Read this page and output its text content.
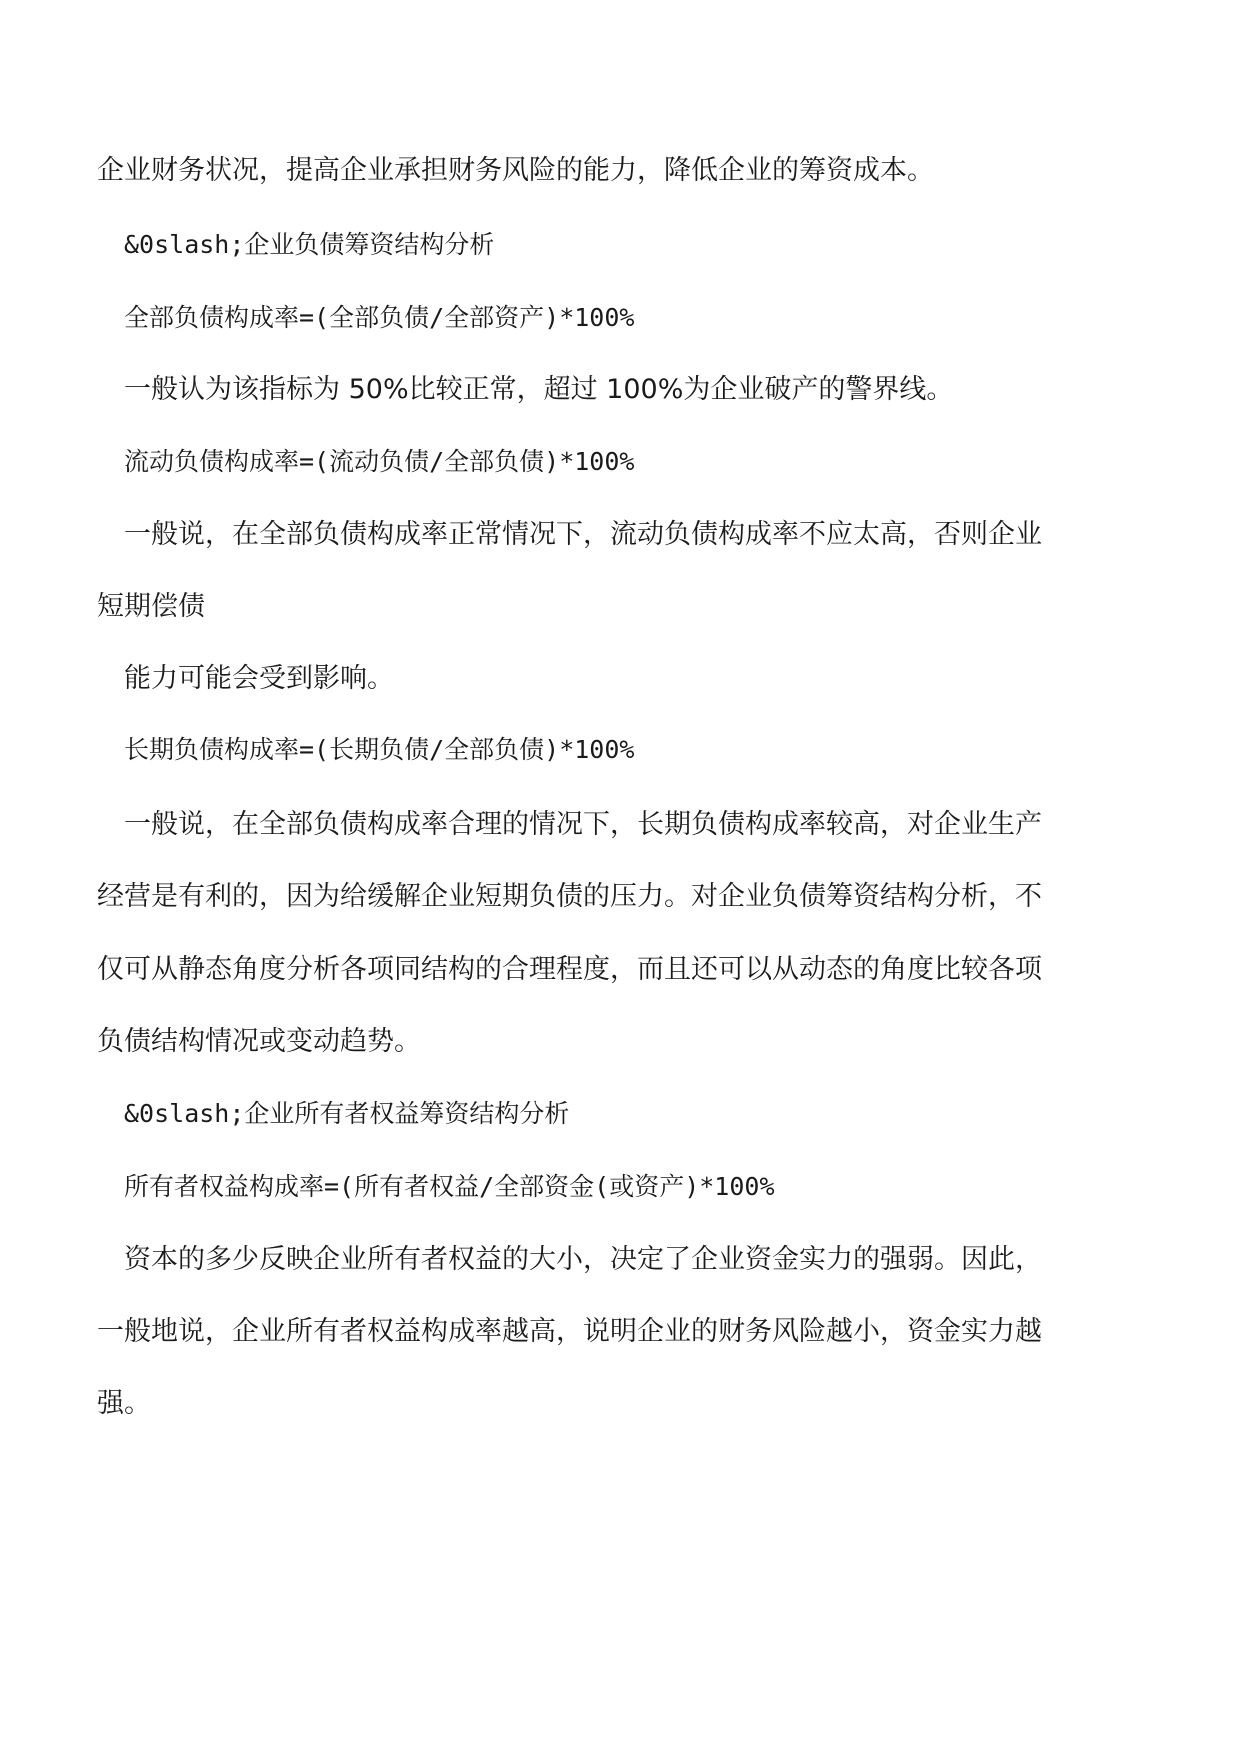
企业财务状况，提高企业承担财务风险的能力，降低企业的筹资成本。

&0slash;企业负债筹资结构分析

全部负债构成率=(全部负债/全部资产)*100%

一般认为该指标为 50%比较正常，超过 100%为企业破产的警界线。

流动负债构成率=(流动负债/全部负债)*100%

一般说，在全部负债构成率正常情况下，流动负债构成率不应太高，否则企业

短期偿债

能力可能会受到影响。

长期负债构成率=(长期负债/全部负债)*100%

一般说，在全部负债构成率合理的情况下，长期负债构成率较高，对企业生产

经营是有利的，因为给缓解企业短期负债的压力。对企业负债筹资结构分析，不

仅可从静态角度分析各项同结构的合理程度，而且还可以从动态的角度比较各项

负债结构情况或变动趋势。

&0slash;企业所有者权益筹资结构分析

所有者权益构成率=(所有者权益/全部资金(或资产)*100%

资本的多少反映企业所有者权益的大小，决定了企业资金实力的强弱。因此，

一般地说，企业所有者权益构成率越高，说明企业的财务风险越小，资金实力越

强。
